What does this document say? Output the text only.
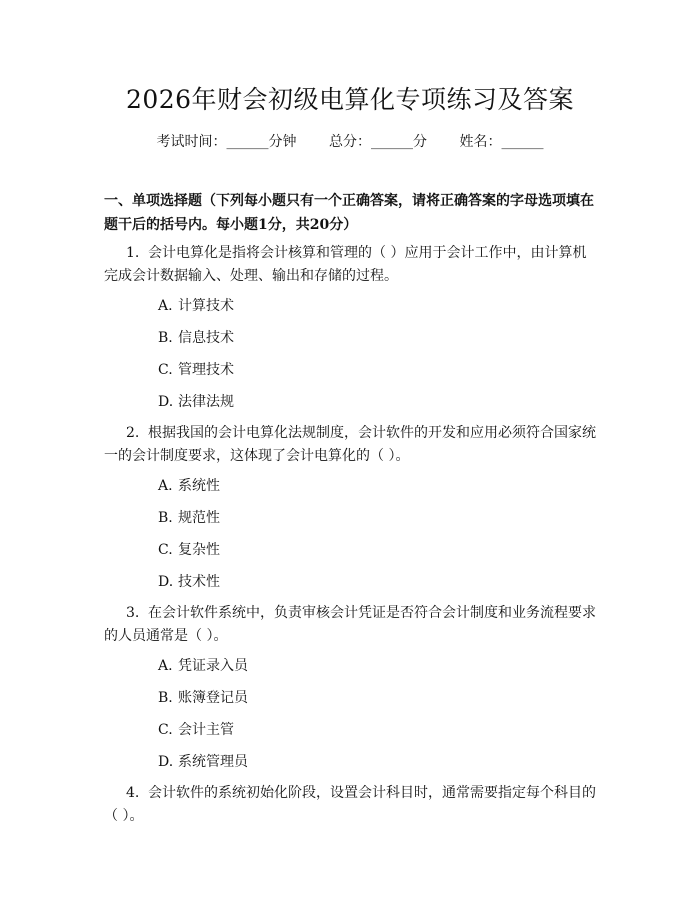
2026年财会初级电算化专项练习及答案
考试时间：______分钟 总分：______分 姓名：______
一、单项选择题（下列每小题只有一个正确答案，请将正确答案的字母选项填在题干后的括号内。每小题1分，共20分）
1. 会计电算化是指将会计核算和管理的（ ）应用于会计工作中，由计算机完成会计数据输入、处理、输出和存储的过程。
A. 计算技术
B. 信息技术
C. 管理技术
D. 法律法规
2. 根据我国的会计电算化法规制度，会计软件的开发和应用必须符合国家统一的会计制度要求，这体现了会计电算化的（ ）。
A. 系统性
B. 规范性
C. 复杂性
D. 技术性
3. 在会计软件系统中，负责审核会计凭证是否符合会计制度和业务流程要求的人员通常是（ ）。
A. 凭证录入员
B. 账簿登记员
C. 会计主管
D. 系统管理员
4. 会计软件的系统初始化阶段，设置会计科目时，通常需要指定每个科目的（ ）。
